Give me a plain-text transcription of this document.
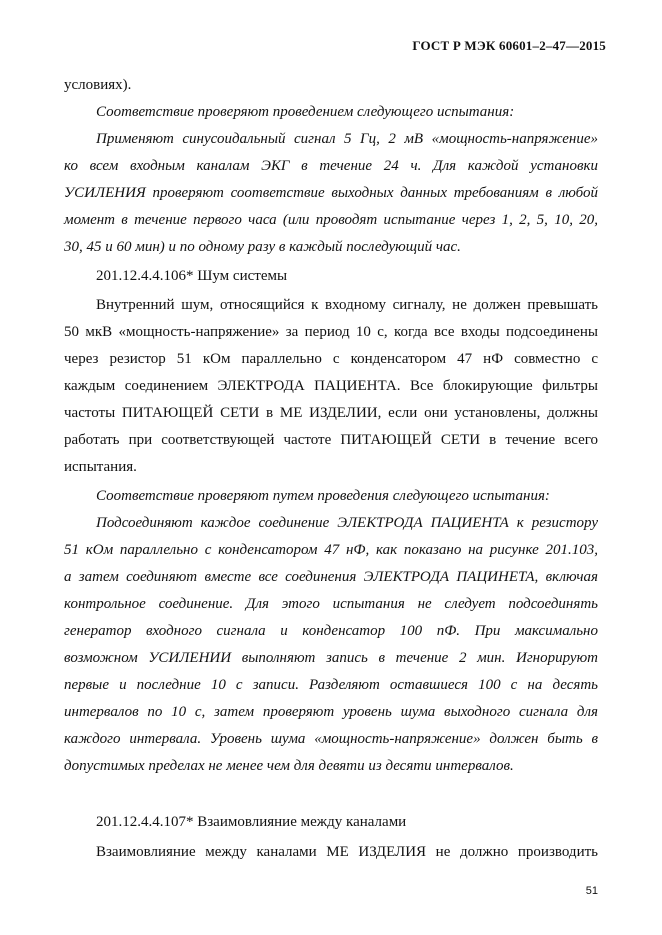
ГОСТ Р МЭК 60601–2–47—2015
условиях).
Соответствие проверяют проведением следующего испытания:
Применяют синусоидальный сигнал 5 Гц, 2 мВ «мощность-напряжение»
ко всем входным каналам ЭКГ в течение 24 ч. Для каждой установки
УСИЛЕНИЯ проверяют соответствие выходных данных требованиям в любой
момент в течение первого часа (или проводят испытание через 1, 2, 5, 10, 20,
30, 45 и 60 мин) и по одному разу в каждый последующий час.
201.12.4.4.106* Шум системы
Внутренний шум, относящийся к входному сигналу, не должен превышать
50 мкВ «мощность-напряжение» за период 10 с, когда все входы подсоединены
через резистор 51 кОм параллельно с конденсатором 47 нФ совместно с
каждым соединением ЭЛЕКТРОДА ПАЦИЕНТА. Все блокирующие фильтры
частоты ПИТАЮЩЕЙ СЕТИ в МЕ ИЗДЕЛИИ, если они установлены, должны
работать при соответствующей частоте ПИТАЮЩЕЙ СЕТИ в течение всего
испытания.
Соответствие проверяют путем проведения следующего испытания:
Подсоединяют каждое соединение ЭЛЕКТРОДА ПАЦИЕНТА к резистору
51 кОм параллельно с конденсатором 47 нФ, как показано на рисунке 201.103,
а затем соединяют вместе все соединения ЭЛЕКТРОДА ПАЦИНЕТА, включая
контрольное соединение. Для этого испытания не следует подсоединять
генератор входного сигнала и конденсатор 100 пФ. При максимально
возможном УСИЛЕНИИ выполняют запись в течение 2 мин. Игнорируют
первые и последние 10 с записи. Разделяют оставшиеся 100 с на десять
интервалов по 10 с, затем проверяют уровень шума выходного сигнала для
каждого интервала. Уровень шума «мощность-напряжение» должен быть в
допустимых пределах не менее чем для девяти из десяти интервалов.
201.12.4.4.107* Взаимовлияние между каналами
Взаимовлияние между каналами МЕ ИЗДЕЛИЯ не должно производить
51
